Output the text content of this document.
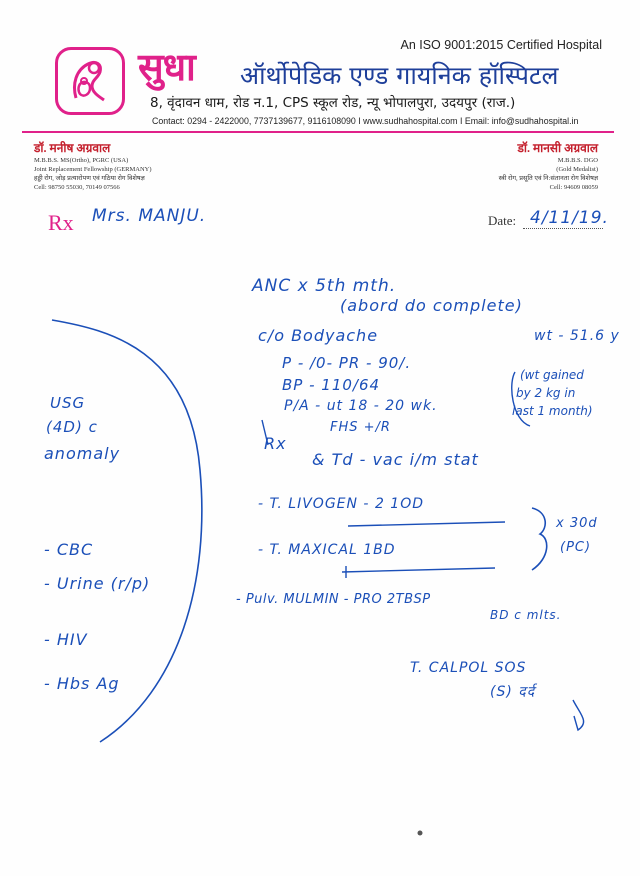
An ISO 9001:2015 Certified Hospital
सुधा ऑर्थोपेडिक एण्ड गायनिक हॉस्पिटल
8, वृंदावन धाम, रोड न.1, CPS स्कूल रोड, न्यू भोपालपुरा, उदयपुर (राज.)
Contact: 0294 - 2422000, 7737139677, 9116108090 I www.sudhahospital.com I Email: info@sudhahospital.in
डॉ. मनीष अग्रवाल
M.B.B.S. MS(Ortho), PGRC (USA)
Joint Replacement Fellowship (GERMANY)
हड्डी रोग, जोड़ प्रत्यारोपण एवं गठिया रोग विशेषज्ञ
Cell: 98750 55030, 70149 07566
डॉ. मानसी अग्रवाल
M.B.B.S. DGO
(Gold Medalist)
स्त्री रोग, प्रसूति एवं नि:संतानता रोग विशेषज्ञ
Cell: 94609 08059
Rx	Date:
Mrs. MANJU.	4/11/19.
ANC x 5th mth.
(abord do complete)
c/o Bodyache
P - /0- PR - 90/.
BP - 110/64
P/A - ut 18 - 20 wk.
FHS +/R
wt - 51.6 y
(wt gained
by 2 kg in
last 1 month)
Rx
& Td - vac i/m stat
- T. LIVOGEN - 2 1OD
x 30d
(PC)
- T. MAXICAL 1BD
- Pulv. MULMIN - PRO 2TBSP
BD c mlts.
T. CALPOL SOS
(S) दर्द
USG
(4D) c
anomaly
- CBC
- Urine (r/p)
- HIV
- Hbs Ag
